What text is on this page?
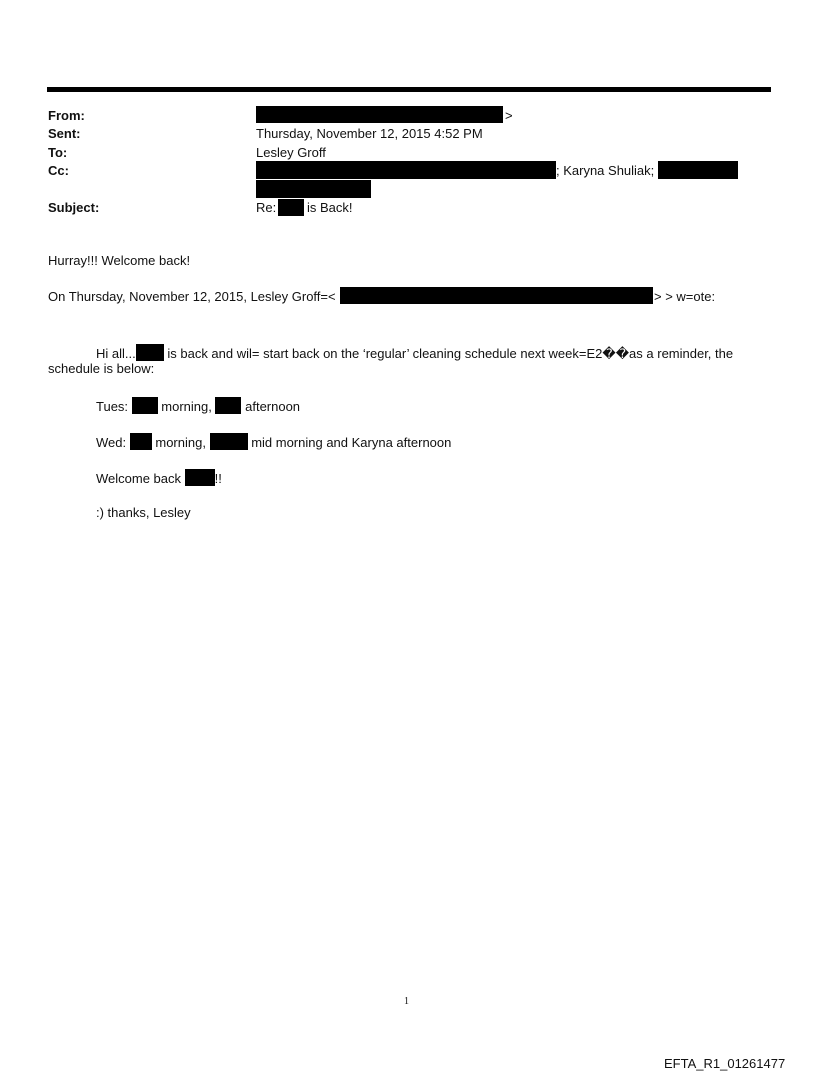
From:	>
Sent:	Thursday, November 12, 2015 4:52 PM
To:	Lesley Groff
Cc:	; Karyna Shuliak;
Subject:	Re: is Back!
Hurray!!! Welcome back!
On Thursday, November 12, 2015, Lesley Groff=<	> > w=ote:
Hi all... is back and wil= start back on the ‘regular’ cleaning schedule next week=E2��as a reminder, the
schedule is below:
Tues:	morning,	afternoon
Wed: morning,	mid morning and Karyna afternoon
Welcome back	!!
:) thanks, Lesley
1
EFTA_R1_01261477
